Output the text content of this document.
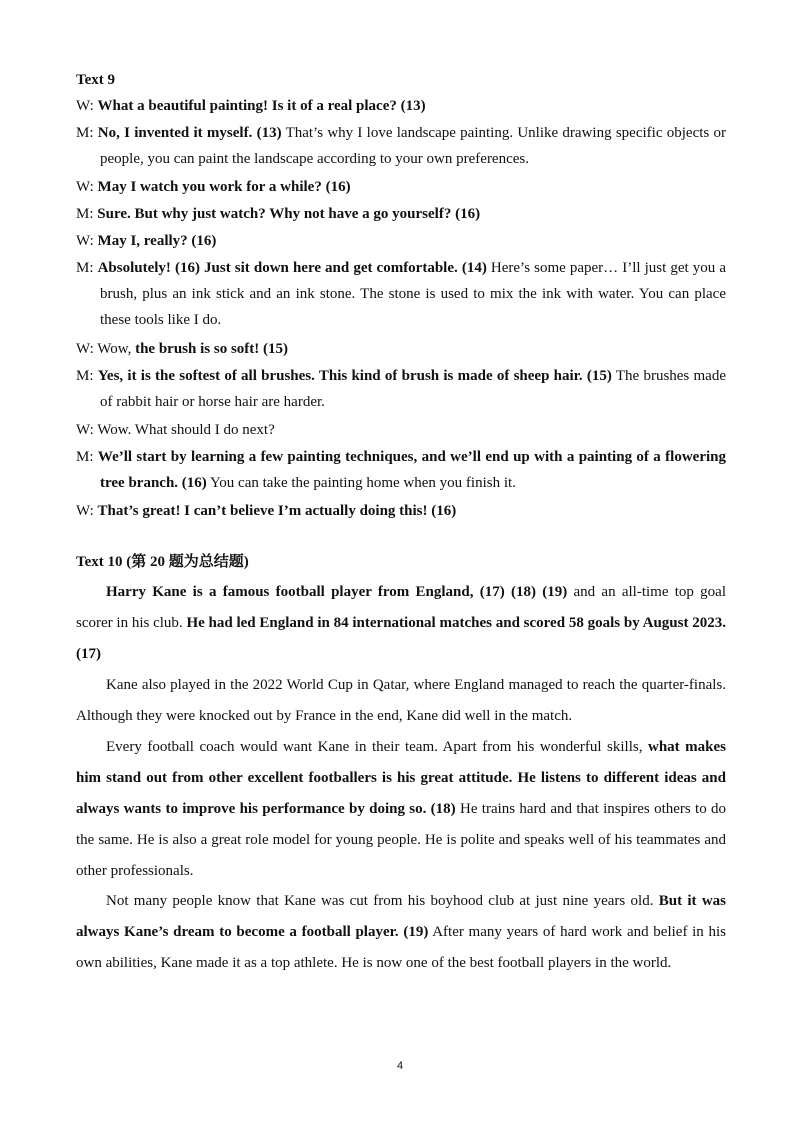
Text 9
W: What a beautiful painting! Is it of a real place? (13)
M: No, I invented it myself. (13) That’s why I love landscape painting. Unlike drawing specific objects or people, you can paint the landscape according to your own preferences.
W: May I watch you work for a while? (16)
M: Sure. But why just watch? Why not have a go yourself? (16)
W: May I, really? (16)
M: Absolutely! (16) Just sit down here and get comfortable. (14) Here’s some paper… I’ll just get you a brush, plus an ink stick and an ink stone. The stone is used to mix the ink with water. You can place these tools like I do.
W: Wow, the brush is so soft! (15)
M: Yes, it is the softest of all brushes. This kind of brush is made of sheep hair. (15) The brushes made of rabbit hair or horse hair are harder.
W: Wow. What should I do next?
M: We’ll start by learning a few painting techniques, and we’ll end up with a painting of a flowering tree branch. (16) You can take the painting home when you finish it.
W: That’s great! I can’t believe I’m actually doing this! (16)
Text 10 (第 20 题为总结题)
Harry Kane is a famous football player from England, (17) (18) (19) and an all-time top goal scorer in his club. He had led England in 84 international matches and scored 58 goals by August 2023. (17)
Kane also played in the 2022 World Cup in Qatar, where England managed to reach the quarter-finals. Although they were knocked out by France in the end, Kane did well in the match.
Every football coach would want Kane in their team. Apart from his wonderful skills, what makes him stand out from other excellent footballers is his great attitude. He listens to different ideas and always wants to improve his performance by doing so. (18) He trains hard and that inspires others to do the same. He is also a great role model for young people. He is polite and speaks well of his teammates and other professionals.
Not many people know that Kane was cut from his boyhood club at just nine years old. But it was always Kane’s dream to become a football player. (19) After many years of hard work and belief in his own abilities, Kane made it as a top athlete. He is now one of the best football players in the world.
4
